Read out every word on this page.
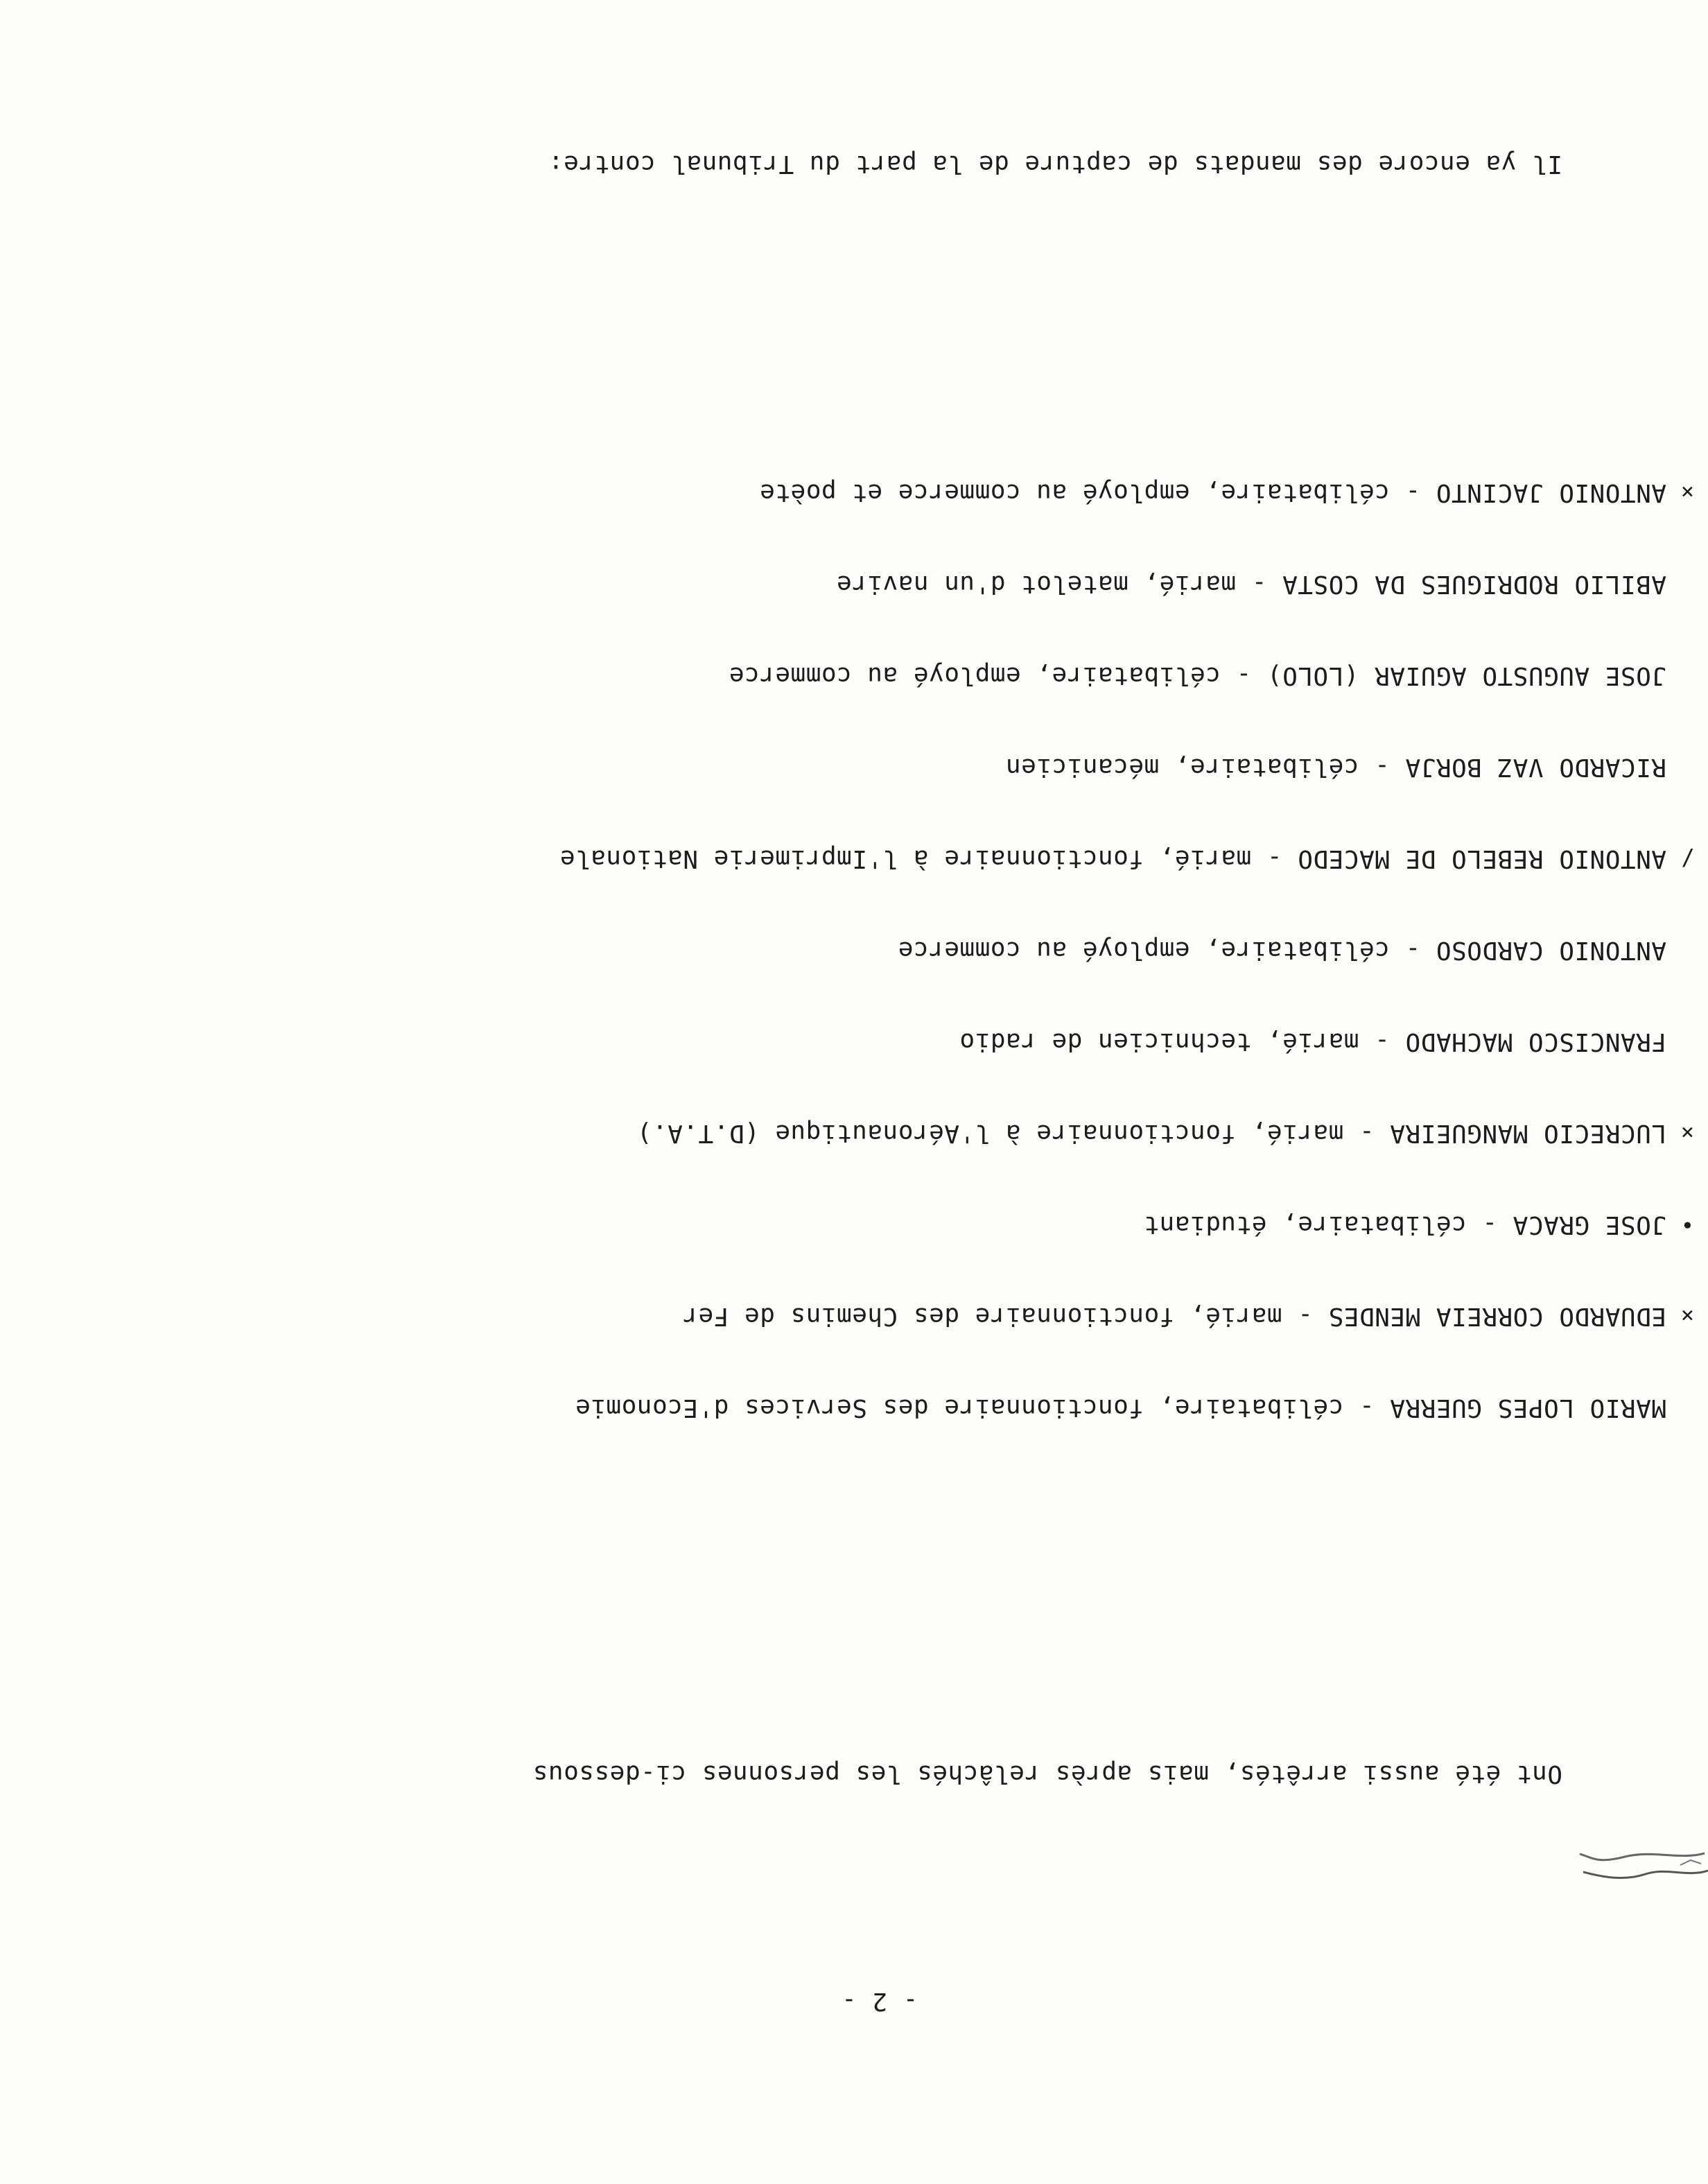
- 2 -

Ont été aussi arrêtés, mais après relâchés les personnes ci-dessous

MARIO LOPES GUERRA - célibataire, fonctionnaire des Services d'Economie

×
EDUARDO CORREIA MENDES - marié, fonctionnaire des Chemins de Fer

•
JOSE GRACA - célibataire, étudiant

×
LUCRECIO MANGUEIRA - marié, fonctionnaire à l'Aéronautique (D.T.A.)

FRANCISCO MACHADO - marié, technicien de radio

ANTONIO CARDOSO - célibataire, employé au commerce

/
ANTONIO REBELO DE MACEDO - marié, fonctionnaire à l'Imprimerie Nationale

RICARDO VAZ BORJA - célibataire, mécanicien

JOSE AUGUSTO AGUIAR (LOLO) - célibataire, employé au commerce

ABILIO RODRIGUES DA COSTA - marié, matelot d'un navire

×
ANTONIO JACINTO - célibataire, employé au commerce et poète

Il ya encore des mandats de capture de la part du Tribunal contre:
